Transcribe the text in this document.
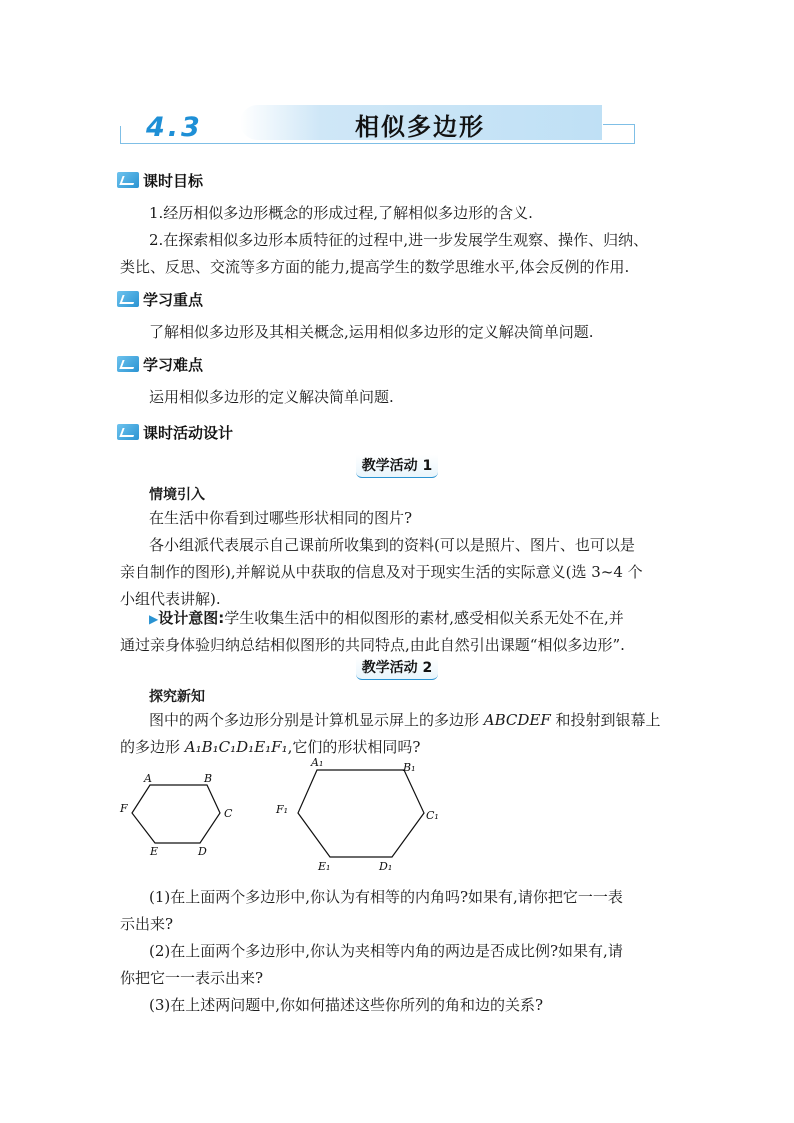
4.3	相似多边形
课时目标
1.经历相似多边形概念的形成过程,了解相似多边形的含义.
2.在探索相似多边形本质特征的过程中,进一步发展学生观察、操作、归纳、
类比、反思、交流等多方面的能力,提高学生的数学思维水平,体会反例的作用.
学习重点
了解相似多边形及其相关概念,运用相似多边形的定义解决简单问题.
学习难点
运用相似多边形的定义解决简单问题.
课时活动设计
教学活动 1
情境引入
在生活中你看到过哪些形状相同的图片?
各小组派代表展示自己课前所收集到的资料(可以是照片、图片、也可以是
亲自制作的图形),并解说从中获取的信息及对于现实生活的实际意义(选 3~4 个
小组代表讲解).
▶设计意图:学生收集生活中的相似图形的素材,感受相似关系无处不在,并
通过亲身体验归纳总结相似图形的共同特点,由此自然引出课题“相似多边形”.
教学活动 2
探究新知
图中的两个多边形分别是计算机显示屏上的多边形 ABCDEF 和投射到银幕上
的多边形 A₁B₁C₁D₁E₁F₁,它们的形状相同吗?
A	B
C
D
E
F
A₁	B₁
C₁
D₁
E₁
F₁
(1)在上面两个多边形中,你认为有相等的内角吗?如果有,请你把它一一表
示出来?
(2)在上面两个多边形中,你认为夹相等内角的两边是否成比例?如果有,请
你把它一一表示出来?
(3)在上述两问题中,你如何描述这些你所列的角和边的关系?
